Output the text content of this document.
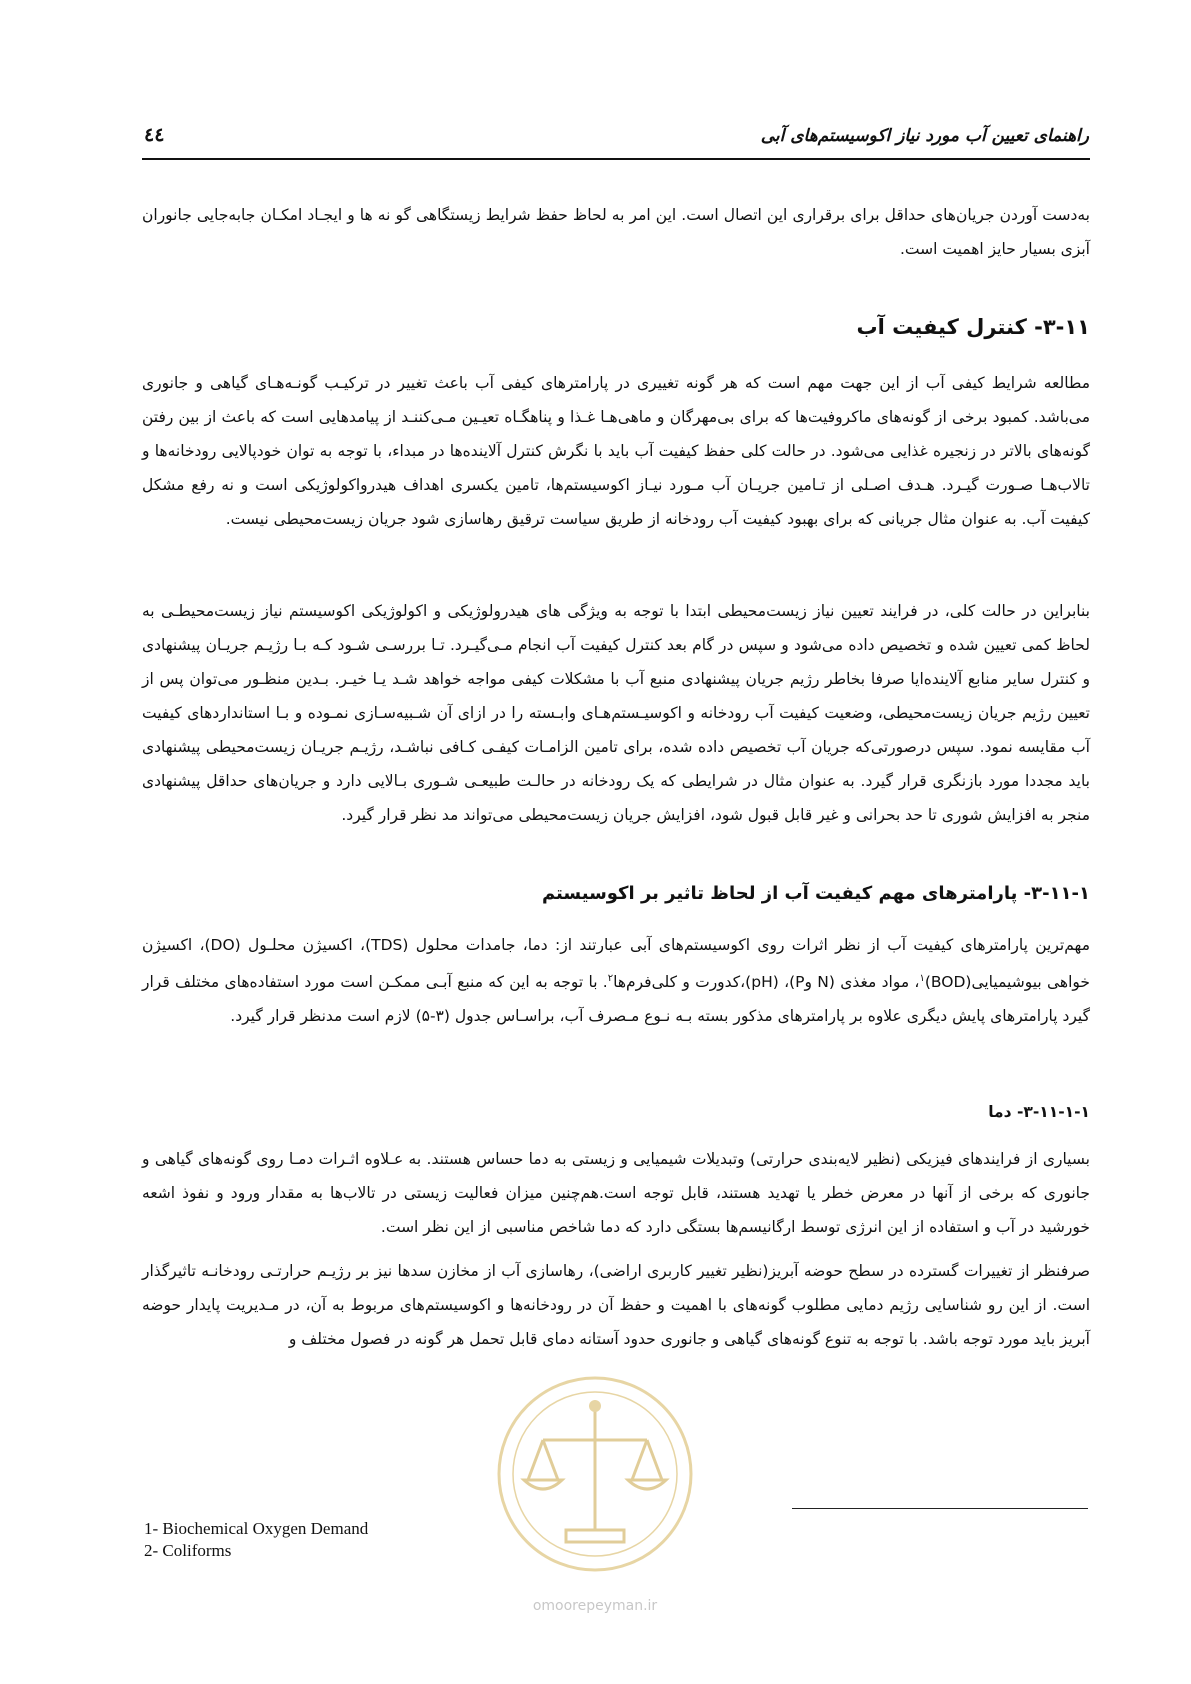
راهنمای تعیین آب مورد نیاز اکوسیستم‌های آبی
٤٤
به‌دست آوردن جریان‌های حداقل برای برقراری این اتصال است. این امر به لحاظ حفظ شرایط زیستگاهی گو نه ها و ایجـاد امکـان جابه‌جایی جانوران آبزی بسیار حایز اهمیت است.
۳-۱۱- کنترل کیفیت آب
مطالعه شرایط کیفی آب از این جهت مهم است که هر گونه تغییری در پارامترهای کیفی آب باعث تغییر در ترکیـب گونـه‌هـای گیاهی و جانوری می‌باشد. کمبود برخی از گونه‌های ماکروفیت‌ها که برای بی‌مهرگان و ماهی‌هـا غـذا و پناهگـاه تعیـین مـی‌کننـد از پیامدهایی است که باعث از بین رفتن گونه‌های بالاتر در زنجیره غذایی می‌شود. در حالت کلی حفظ کیفیت آب باید با نگرش کنترل آلاینده‌ها در مبداء، با توجه به توان خودپالایی رودخانه‌ها و تالاب‌هـا صـورت گیـرد. هـدف اصـلی از تـامین جریـان آب مـورد نیـاز اکوسیستم‌ها، تامین یکسری اهداف هیدرواکولوژیکی است و نه رفع مشکل کیفیت آب. به عنوان مثال جریانی که برای بهبود کیفیت آب رودخانه از طریق سیاست ترقیق رهاسازی شود جریان زیست‌محیطی نیست.
بنابراین در حالت کلی، در فرایند تعیین نیاز زیست‌محیطی ابتدا با توجه به ویژگی های هیدرولوژیکی و اکولوژیکی اکوسیستم نیاز زیست‌محیطـی به لحاظ کمی تعیین شده و تخصیص داده می‌شود و سپس در گام بعد کنترل کیفیت آب انجام مـی‌گیـرد. تـا بررسـی شـود کـه بـا رژیـم جریـان پیشنهادی و کنترل سایر منابع آلاینده‌ایا صرفا بخاطر رژیم جریان پیشنهادی منبع آب با مشکلات کیفی مواجه خواهد شـد یـا خیـر. بـدین منظـور می‌توان پس از تعیین رژیم جریان زیست‌محیطی، وضعیت کیفیت آب رودخانه و اکوسیـستم‌هـای وابـسته را در ازای آن شـبیه‌سـازی نمـوده و بـا استانداردهای کیفیت آب مقایسه نمود. سپس درصورتی‌که جریان آب تخصیص داده شده، برای تامین الزامـات کیفـی کـافی نباشـد، رژیـم جریـان زیست‌محیطی پیشنهادی باید مجددا مورد بازنگری قرار گیرد. به عنوان مثال در شرایطی که یک رودخانه در حالـت طبیعـی شـوری بـالایی دارد و جریان‌های حداقل پیشنهادی منجر به افزایش شوری تا حد بحرانی و غیر قابل قبول شود، افزایش جریان زیست‌محیطی می‌تواند مد نظر قرار گیرد.
۳-۱۱-۱- پارامترهای مهم کیفیت آب از لحاظ تاثیر بر اکوسیستم
مهم‌ترین پارامترهای کیفیت آب از نظر اثرات روی اکوسیستم‌های آبی عبارتند از: دما، جامدات محلول (TDS)، اکسیژن محلـول (DO)، اکسیژن خواهی بیوشیمیایی(BOD)$^۱$، مواد مغذی (N وP)، (pH)،کدورت و کلی‌فرم‌ها$^۲$. با توجه به این که منبع آبـی ممکـن است مورد استفاده‌های مختلف قرار گیرد پارامترهای پایش دیگری علاوه بر پارامترهای مذکور بسته بـه نـوع مـصرف آب، براسـاس جدول (۳-۵) لازم است مدنظر قرار گیرد.
۳-۱۱-۱-۱- دما
بسیاری از فرایندهای فیزیکی (نظیر لایه‌بندی حرارتی) وتبدیلات شیمیایی و زیستی به دما حساس هستند. به عـلاوه اثـرات دمـا روی گونه‌های گیاهی و جانوری که برخی از آنها در معرض خطر یا تهدید هستند، قابل توجه است.هم‌چنین میزان فعالیت زیستی در تالاب‌ها به مقدار ورود و نفوذ اشعه خورشید در آب و استفاده از این انرژی توسط ارگانیسم‌ها بستگی دارد که دما شاخص مناسبی از این نظر است.
صرفنظر از تغییرات گسترده در سطح حوضه آبریز(نظیر تغییر کاربری اراضی)، رهاسازی آب از مخازن سدها نیز بر رژیـم حرارتـی رودخانـه تاثیرگذار است. از این رو شناسایی رژیم دمایی مطلوب گونه‌های با اهمیت و حفظ آن در رودخانه‌ها و اکوسیستم‌های مربوط به آن، در مـدیریت پایدار حوضه آبریز باید مورد توجه باشد. با توجه به تنوع گونه‌های گیاهی و جانوری حدود آستانه دمای قابل تحمل هر گونه در فصول مختلف و
1- Biochemical Oxygen Demand
2- Coliforms
omoorepeyman.ir
